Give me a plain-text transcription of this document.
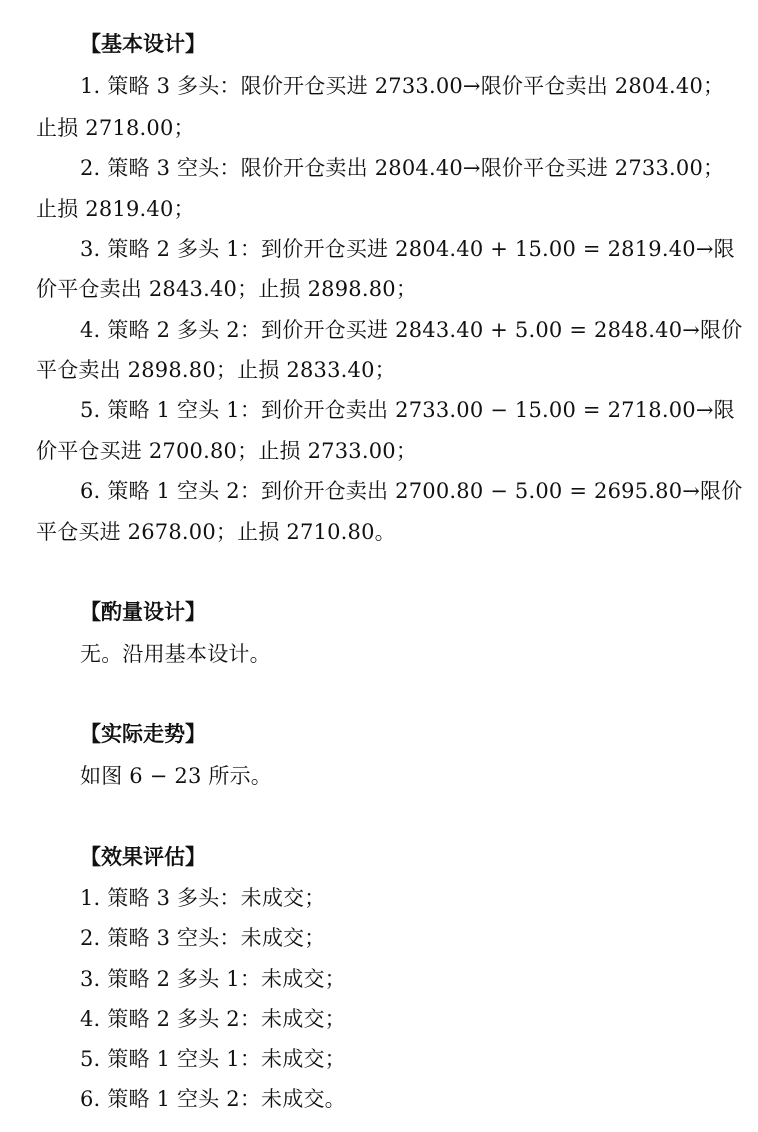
【基本设计】
1. 策略 3 多头：限价开仓买进 2733.00→限价平仓卖出 2804.40；
止损 2718.00；
2. 策略 3 空头：限价开仓卖出 2804.40→限价平仓买进 2733.00；
止损 2819.40；
3. 策略 2 多头 1：到价开仓买进 2804.40 + 15.00 = 2819.40→限
价平仓卖出 2843.40；止损 2898.80；
4. 策略 2 多头 2：到价开仓买进 2843.40 + 5.00 = 2848.40→限价
平仓卖出 2898.80；止损 2833.40；
5. 策略 1 空头 1：到价开仓卖出 2733.00 − 15.00 = 2718.00→限
价平仓买进 2700.80；止损 2733.00；
6. 策略 1 空头 2：到价开仓卖出 2700.80 − 5.00 = 2695.80→限价
平仓买进 2678.00；止损 2710.80。
【酌量设计】
无。沿用基本设计。
【实际走势】
如图 6 − 23 所示。
【效果评估】
1. 策略 3 多头：未成交；
2. 策略 3 空头：未成交；
3. 策略 2 多头 1：未成交；
4. 策略 2 多头 2：未成交；
5. 策略 1 空头 1：未成交；
6. 策略 1 空头 2：未成交。
